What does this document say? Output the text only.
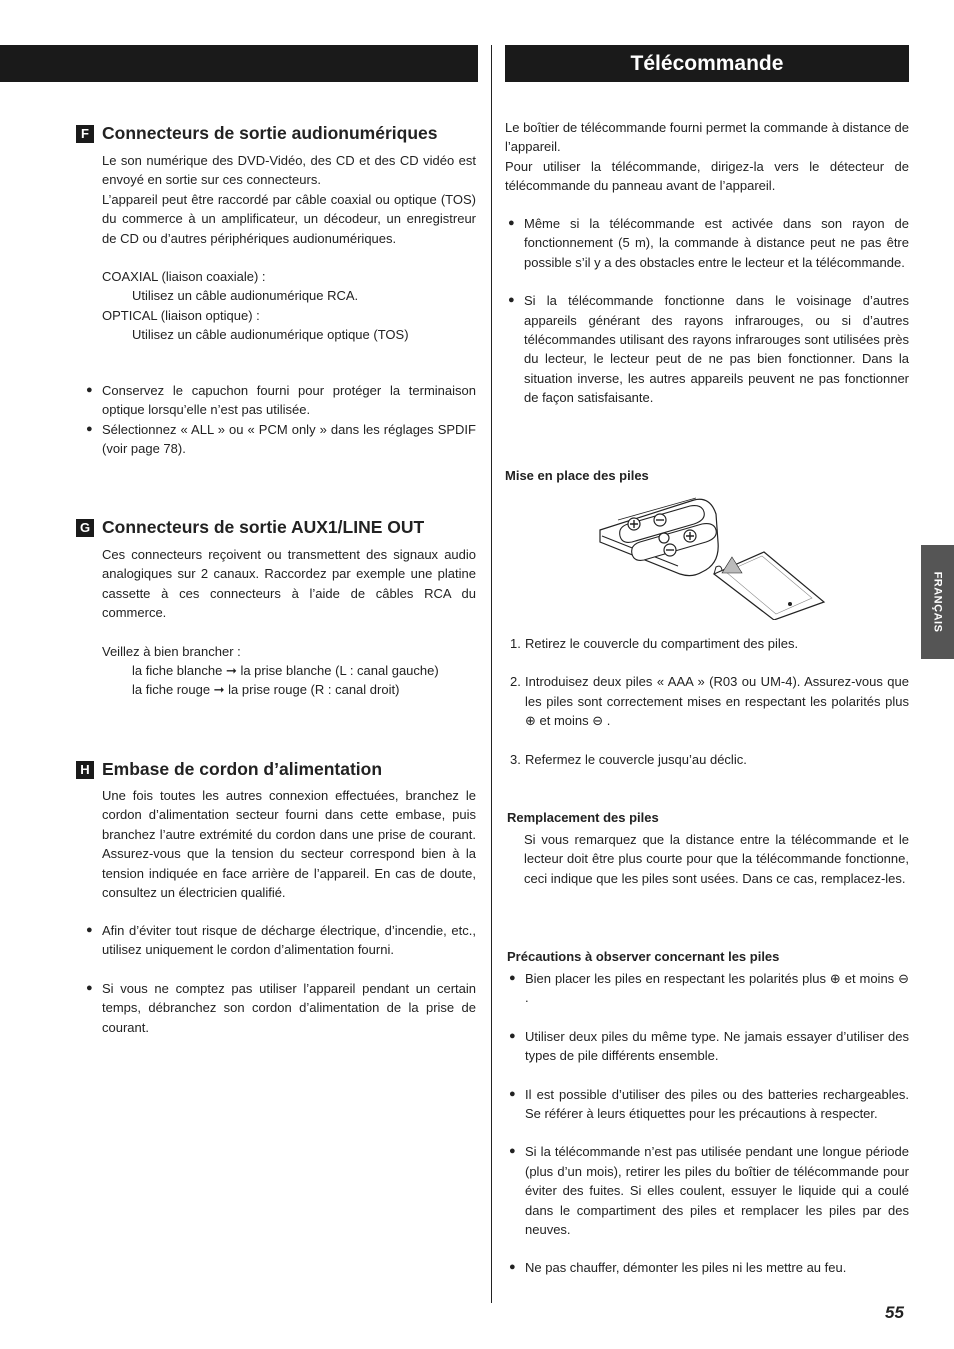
Télécommande
F Connecteurs de sortie audionumériques

Le son numérique des DVD-Vidéo, des CD et des CD vidéo est envoyé en sortie sur ces connecteurs.

L’appareil peut être raccordé par câble coaxial ou optique (TOS) du commerce à un amplificateur, un décodeur, un enregistreur de CD ou d’autres périphériques audionumériques.

COAXIAL (liaison coaxiale) :

Utilisez un câble audionumérique RCA.

OPTICAL (liaison optique) :

Utilisez un câble audionumérique optique (TOS)

● Conservez le capuchon fourni pour protéger la terminaison optique lorsqu’elle n’est pas utilisée.

● Sélectionnez « ALL » ou « PCM only » dans les réglages SPDIF (voir page 78).

G Connecteurs de sortie AUX1/LINE OUT

Ces connecteurs reçoivent ou transmettent des signaux audio analogiques sur 2 canaux. Raccordez par exemple une platine cassette à ces connecteurs à l’aide de câbles RCA du commerce.

Veillez à bien brancher :

la fiche blanche ➞ la prise blanche (L : canal gauche)

la fiche rouge ➞ la prise rouge (R : canal droit)

H Embase de cordon d’alimentation

Une fois toutes les autres connexion effectuées, branchez le cordon d’alimentation secteur fourni dans cette embase, puis branchez l’autre extrémité du cordon dans une prise de courant. Assurez-vous que la tension du secteur correspond bien à la tension indiquée en face arrière de l’appareil. En cas de doute, consultez un électricien qualifié.

● Afin d’éviter tout risque de décharge électrique, d’incendie, etc., utilisez uniquement le cordon d’alimentation fourni.

● Si vous ne comptez pas utiliser l’appareil pendant un certain temps, débranchez son cordon d’alimentation de la prise de courant.

Le boîtier de télécommande fourni permet la commande à distance de l’appareil.

Pour utiliser la télécommande, dirigez-la vers le détecteur de télécommande du panneau avant de l’appareil.

● Même si la télécommande est activée dans son rayon de fonctionnement (5 m), la commande à distance peut ne pas être possible s’il y a des obstacles entre le lecteur et la télécommande.

● Si la télécommande fonctionne dans le voisinage d’autres appareils générant des rayons infrarouges, ou si d’autres télécommandes utilisant des rayons infrarouges sont utilisées près du lecteur, le lecteur peut de ne pas bien fonctionner. Dans la situation inverse, les autres appareils peuvent ne pas fonctionner de façon satisfaisante.

Mise en place des piles

1. Retirez le couvercle du compartiment des piles.

2. Introduisez deux piles « AAA » (R03 ou UM-4). Assurez-vous que les piles sont correctement mises en respectant les polarités plus ⊕ et moins ⊖ .

3. Refermez le couvercle jusqu’au déclic.

Remplacement des piles

Si vous remarquez que la distance entre la télécommande et le lecteur doit être plus courte pour que la télécommande fonctionne, ceci indique que les piles sont usées. Dans ce cas, remplacez-les.

Précautions à observer concernant les piles

● Bien placer les piles en respectant les polarités plus ⊕ et moins ⊖ .

● Utiliser deux piles du même type. Ne jamais essayer d’utiliser des types de pile différents ensemble.

● Il est possible d’utiliser des piles ou des batteries rechargeables. Se référer à leurs étiquettes pour les précautions à respecter.

● Si la télécommande n’est pas utilisée pendant une longue période (plus d’un mois), retirer les piles du boîtier de télécommande pour éviter des fuites. Si elles coulent, essuyer le liquide qui a coulé dans le compartiment des piles et remplacer les piles par des neuves.

● Ne pas chauffer, démonter les piles ni les mettre au feu.

FRANÇAIS
55
